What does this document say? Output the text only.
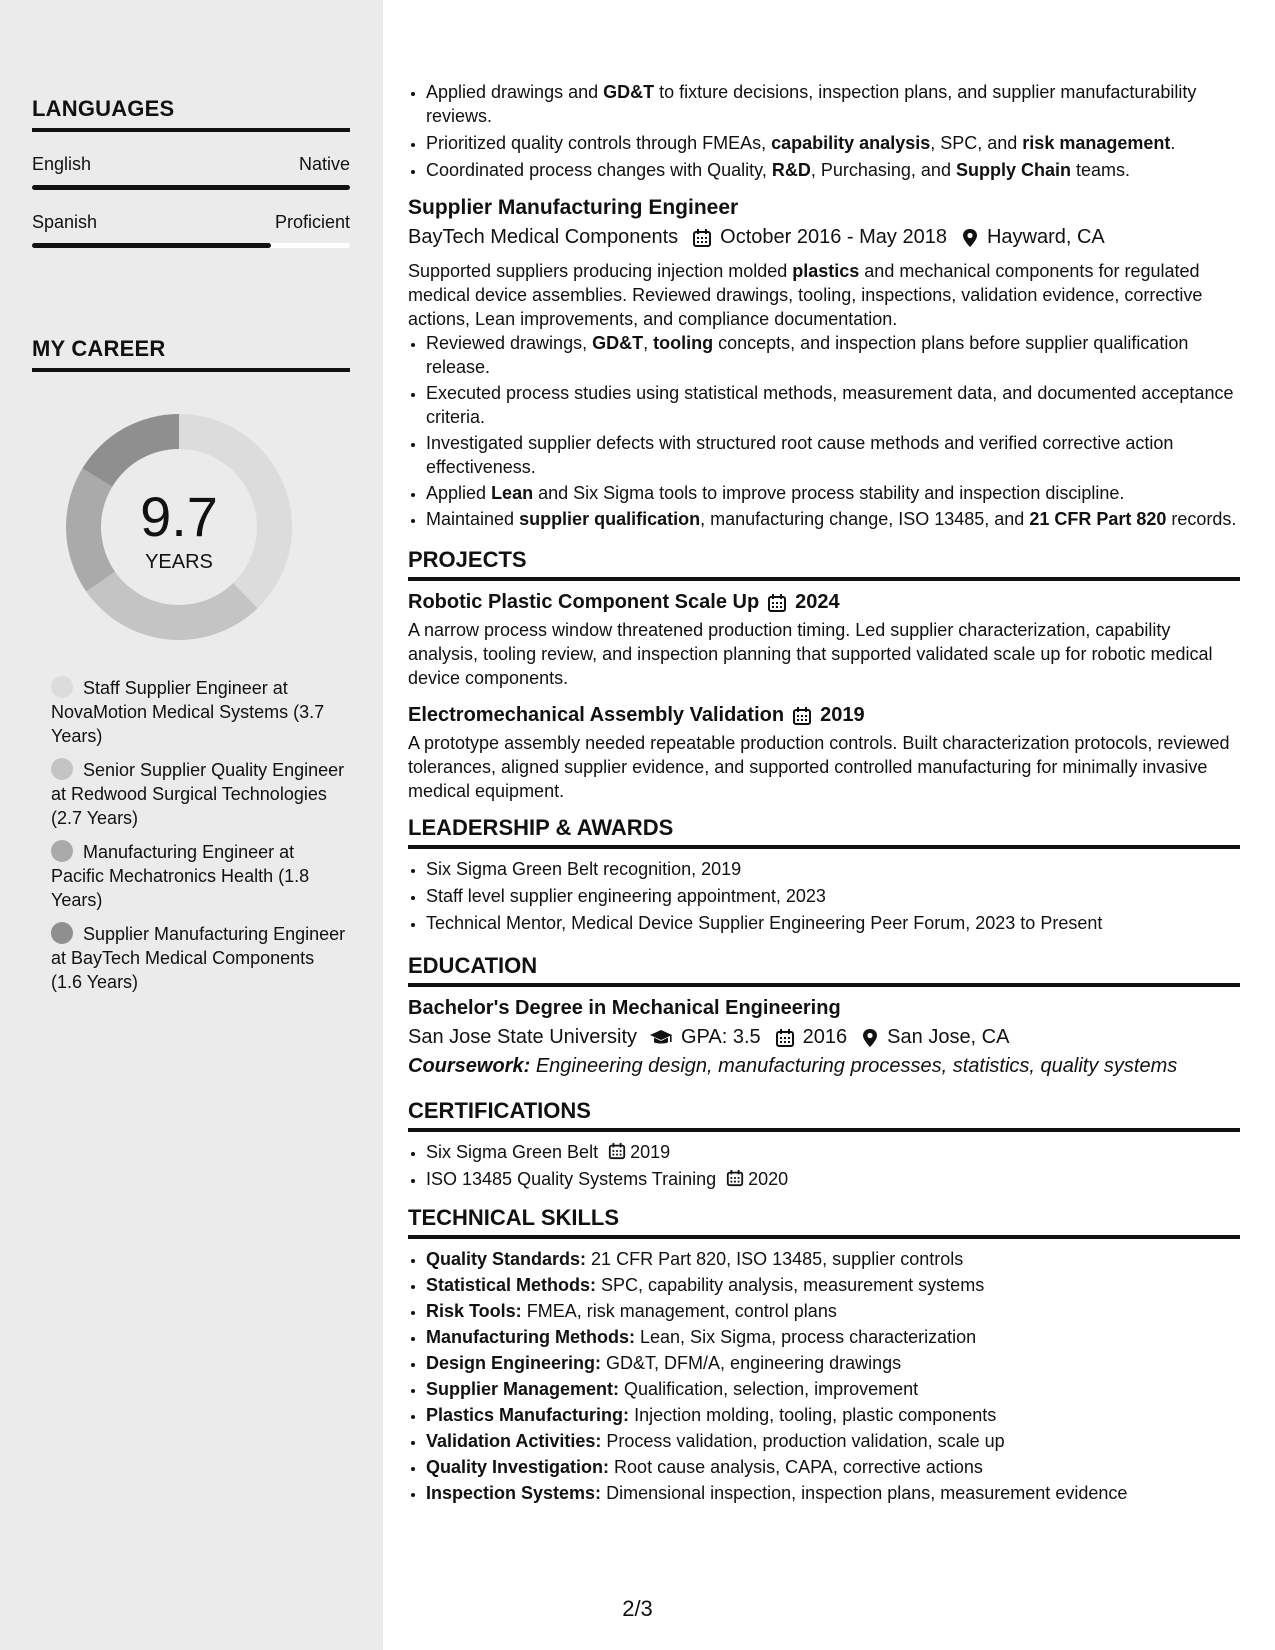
LANGUAGES
English	Native
Spanish	Proficient
MY CAREER
9.7
YEARS
Staff Supplier Engineer at NovaMotion Medical Systems (3.7 Years)
Senior Supplier Quality Engineer at Redwood Surgical Technologies (2.7 Years)
Manufacturing Engineer at Pacific Mechatronics Health (1.8 Years)
Supplier Manufacturing Engineer at BayTech Medical Components (1.6 Years)
• Applied drawings and GD&T to fixture decisions, inspection plans, and supplier manufacturability reviews.
• Prioritized quality controls through FMEAs, capability analysis, SPC, and risk management.
• Coordinated process changes with Quality, R&D, Purchasing, and Supply Chain teams.
Supplier Manufacturing Engineer
BayTech Medical Components October 2016 - May 2018 Hayward, CA
Supported suppliers producing injection molded plastics and mechanical components for regulated medical device assemblies. Reviewed drawings, tooling, inspections, validation evidence, corrective actions, Lean improvements, and compliance documentation.
• Reviewed drawings, GD&T, tooling concepts, and inspection plans before supplier qualification release.
• Executed process studies using statistical methods, measurement data, and documented acceptance criteria.
• Investigated supplier defects with structured root cause methods and verified corrective action effectiveness.
• Applied Lean and Six Sigma tools to improve process stability and inspection discipline.
• Maintained supplier qualification, manufacturing change, ISO 13485, and 21 CFR Part 820 records.
PROJECTS
Robotic Plastic Component Scale Up 2024
A narrow process window threatened production timing. Led supplier characterization, capability analysis, tooling review, and inspection planning that supported validated scale up for robotic medical device components.
Electromechanical Assembly Validation 2019
A prototype assembly needed repeatable production controls. Built characterization protocols, reviewed tolerances, aligned supplier evidence, and supported controlled manufacturing for minimally invasive medical equipment.
LEADERSHIP & AWARDS
• Six Sigma Green Belt recognition, 2019
• Staff level supplier engineering appointment, 2023
• Technical Mentor, Medical Device Supplier Engineering Peer Forum, 2023 to Present
EDUCATION
Bachelor's Degree in Mechanical Engineering
San Jose State University GPA: 3.5 2016 San Jose, CA
Coursework: Engineering design, manufacturing processes, statistics, quality systems
CERTIFICATIONS
• Six Sigma Green Belt 2019
• ISO 13485 Quality Systems Training 2020
TECHNICAL SKILLS
• Quality Standards: 21 CFR Part 820, ISO 13485, supplier controls
• Statistical Methods: SPC, capability analysis, measurement systems
• Risk Tools: FMEA, risk management, control plans
• Manufacturing Methods: Lean, Six Sigma, process characterization
• Design Engineering: GD&T, DFM/A, engineering drawings
• Supplier Management: Qualification, selection, improvement
• Plastics Manufacturing: Injection molding, tooling, plastic components
• Validation Activities: Process validation, production validation, scale up
• Quality Investigation: Root cause analysis, CAPA, corrective actions
• Inspection Systems: Dimensional inspection, inspection plans, measurement evidence
2/3
